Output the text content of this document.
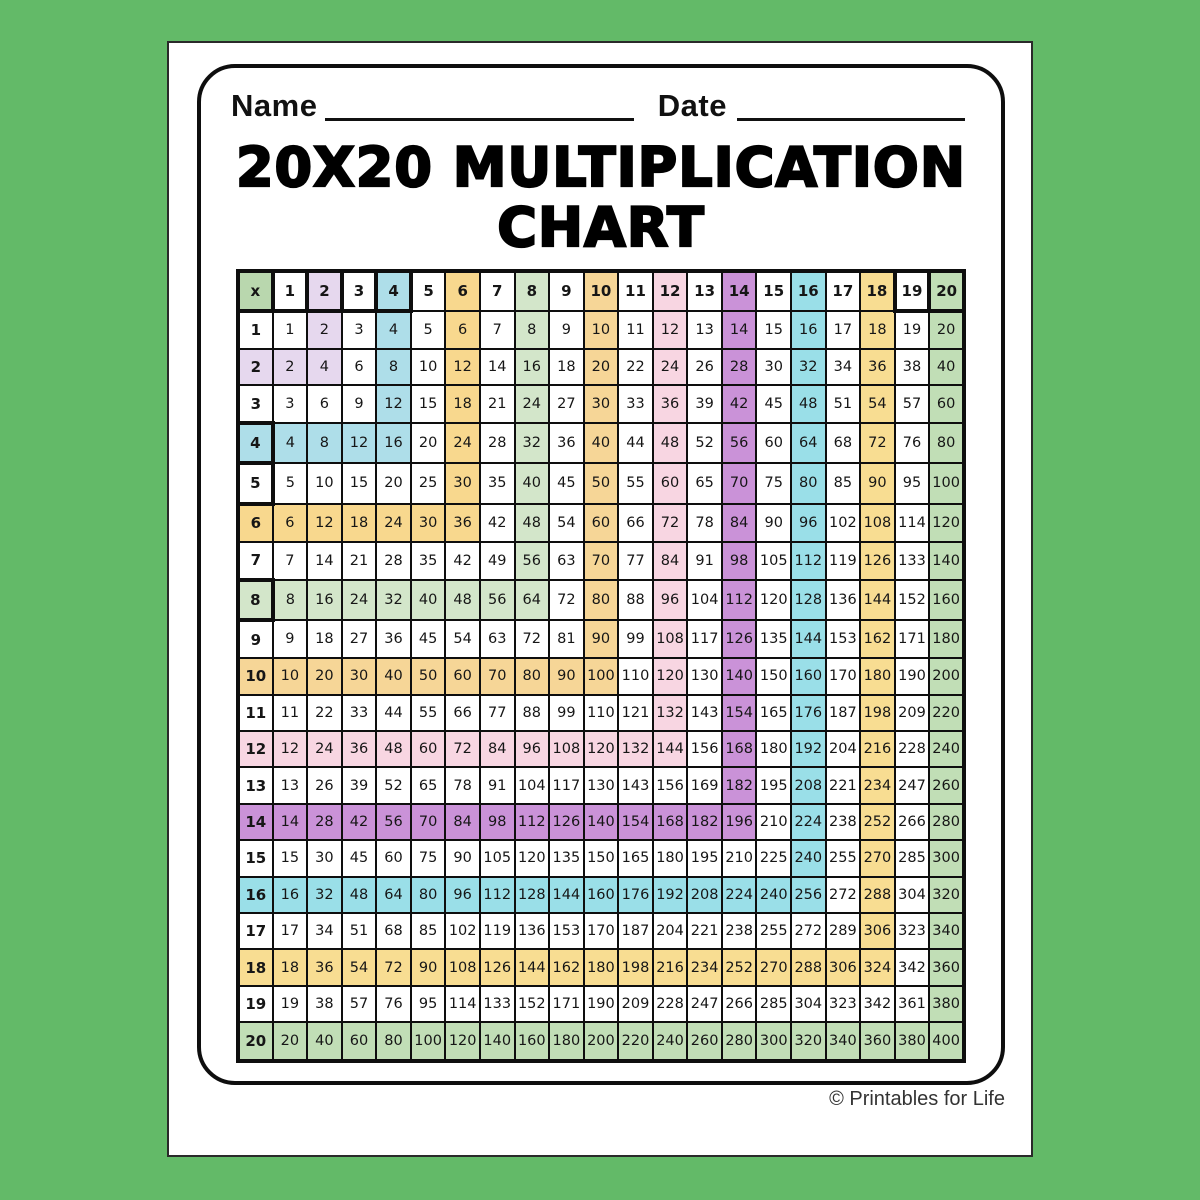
Name	Date
20X20 MULTIPLICATION CHART
x	1	2	3	4	5	6	7	8	9	10	11	12	13	14	15	16	17	18	19	20
1	1	2	3	4	5	6	7	8	9	10	11	12	13	14	15	16	17	18	19	20
2	2	4	6	8	10	12	14	16	18	20	22	24	26	28	30	32	34	36	38	40
3	3	6	9	12	15	18	21	24	27	30	33	36	39	42	45	48	51	54	57	60
4	4	8	12	16	20	24	28	32	36	40	44	48	52	56	60	64	68	72	76	80
5	5	10	15	20	25	30	35	40	45	50	55	60	65	70	75	80	85	90	95	100
6	6	12	18	24	30	36	42	48	54	60	66	72	78	84	90	96	102	108	114	120
7	7	14	21	28	35	42	49	56	63	70	77	84	91	98	105	112	119	126	133	140
8	8	16	24	32	40	48	56	64	72	80	88	96	104	112	120	128	136	144	152	160
9	9	18	27	36	45	54	63	72	81	90	99	108	117	126	135	144	153	162	171	180
10	10	20	30	40	50	60	70	80	90	100	110	120	130	140	150	160	170	180	190	200
11	11	22	33	44	55	66	77	88	99	110	121	132	143	154	165	176	187	198	209	220
12	12	24	36	48	60	72	84	96	108	120	132	144	156	168	180	192	204	216	228	240
13	13	26	39	52	65	78	91	104	117	130	143	156	169	182	195	208	221	234	247	260
14	14	28	42	56	70	84	98	112	126	140	154	168	182	196	210	224	238	252	266	280
15	15	30	45	60	75	90	105	120	135	150	165	180	195	210	225	240	255	270	285	300
16	16	32	48	64	80	96	112	128	144	160	176	192	208	224	240	256	272	288	304	320
17	17	34	51	68	85	102	119	136	153	170	187	204	221	238	255	272	289	306	323	340
18	18	36	54	72	90	108	126	144	162	180	198	216	234	252	270	288	306	324	342	360
19	19	38	57	76	95	114	133	152	171	190	209	228	247	266	285	304	323	342	361	380
20	20	40	60	80	100	120	140	160	180	200	220	240	260	280	300	320	340	360	380	400
© Printables for Life
